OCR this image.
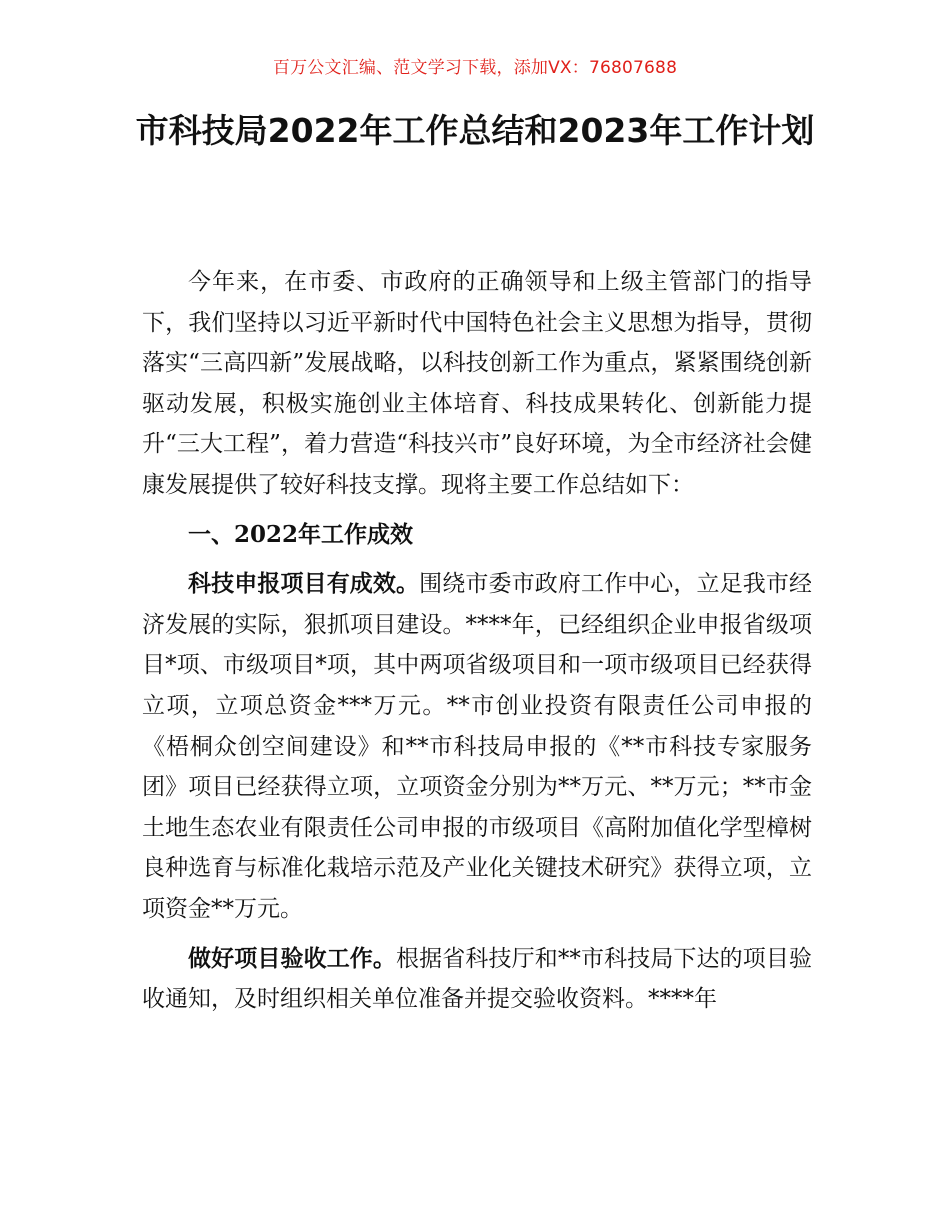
百万公文汇编、范文学习下载，添加VX：76807688
市科技局2022年工作总结和2023年工作计划

今年来，在市委、市政府的正确领导和上级主管部门的指导下，我们坚持以习近平新时代中国特色社会主义思想为指导，贯彻落实“三高四新”发展战略，以科技创新工作为重点，紧紧围绕创新驱动发展，积极实施创业主体培育、科技成果转化、创新能力提升“三大工程”，着力营造“科技兴市”良好环境，为全市经济社会健康发展提供了较好科技支撑。现将主要工作总结如下：

一、2022年工作成效

科技申报项目有成效。围绕市委市政府工作中心，立足我市经济发展的实际，狠抓项目建设。****年，已经组织企业申报省级项目*项、市级项目*项，其中两项省级项目和一项市级项目已经获得立项，立项总资金***万元。**市创业投资有限责任公司申报的《梧桐众创空间建设》和**市科技局申报的《**市科技专家服务团》项目已经获得立项，立项资金分别为**万元、**万元；**市金土地生态农业有限责任公司申报的市级项目《高附加值化学型樟树良种选育与标准化栽培示范及产业化关键技术研究》获得立项，立项资金**万元。

做好项目验收工作。根据省科技厅和**市科技局下达的项目验收通知，及时组织相关单位准备并提交验收资料。****年
